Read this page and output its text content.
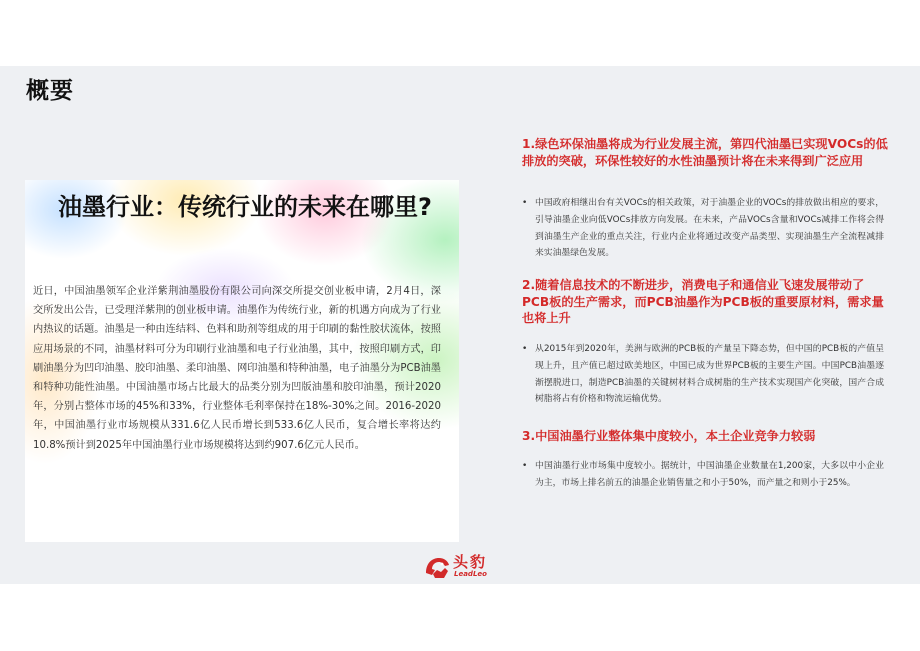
概要
油墨行业：传统行业的未来在哪里?
近日，中国油墨领军企业洋紫荆油墨股份有限公司向深交所提交创业板申请，2月4日，深交所发出公告，已受理洋紫荆的创业板申请。油墨作为传统行业，新的机遇方向成为了行业内热议的话题。油墨是一种由连结料、色料和助剂等组成的用于印刷的黏性胶状流体，按照应用场景的不同，油墨材料可分为印刷行业油墨和电子行业油墨，其中，按照印刷方式，印刷油墨分为凹印油墨、胶印油墨、柔印油墨、网印油墨和特种油墨，电子油墨分为PCB油墨和特种功能性油墨。中国油墨市场占比最大的品类分别为凹版油墨和胶印油墨，预计2020年，分别占整体市场的45%和33%，行业整体毛利率保持在18%-30%之间。2016-2020年，中国油墨行业市场规模从331.6亿人民币增长到533.6亿人民币，复合增长率将达约10.8%预计到2025年中国油墨行业市场规模将达到约907.6亿元人民币。
1.绿色环保油墨将成为行业发展主流，第四代油墨已实现VOCs的低排放的突破，环保性较好的水性油墨预计将在未来得到广泛应用
• 中国政府相继出台有关VOCs的相关政策，对于油墨企业的VOCs的排放做出相应的要求，引导油墨企业向低VOCs排放方向发展。在未来，产品VOCs含量和VOCs减排工作将会得到油墨生产企业的重点关注，行业内企业将通过改变产品类型、实现油墨生产全流程减排来实油墨绿色发展。
2.随着信息技术的不断进步，消费电子和通信业飞速发展带动了PCB板的生产需求，而PCB油墨作为PCB板的重要原材料，需求量也将上升
• 从2015年到2020年，美洲与欧洲的PCB板的产量呈下降态势，但中国的PCB板的产值呈现上升，且产值已超过欧美地区，中国已成为世界PCB板的主要生产国。中国PCB油墨逐渐摆脱进口，制造PCB油墨的关键树材料合成树脂的生产技术实现国产化突破，国产合成树脂将占有价格和物流运输优势。
3.中国油墨行业整体集中度较小，本土企业竞争力较弱
• 中国油墨行业市场集中度较小。据统计，中国油墨企业数量在1,200家，大多以中小企业为主，市场上排名前五的油墨企业销售量之和小于50%，而产量之和则小于25%。
头豹
LeadLeo
